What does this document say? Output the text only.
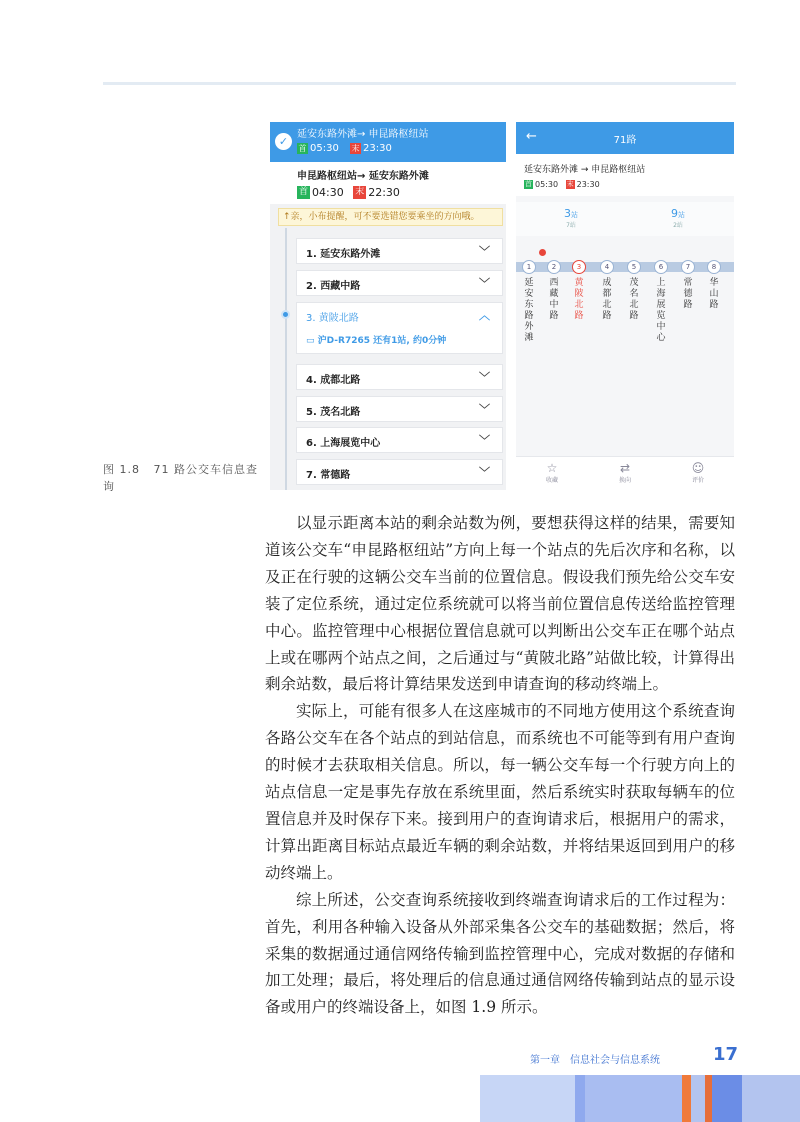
✓
延安东路外滩→ 申昆路枢纽站
首 05:30 末 23:30
申昆路枢纽站→ 延安东路外滩
首 04:30 末 22:30
↑亲，小布提醒，可不要选错您要乘坐的方向哦。
1. 延安东路外滩	﹀
2. 西藏中路	﹀
3. 黄陂北路	︿
▭ 沪D-R7265 还有1站, 约0分钟
4. 成都北路	﹀
5. 茂名北路	﹀
6. 上海展览中心	﹀
7. 常德路	﹀
←	71路
延安东路外滩 → 申昆路枢纽站
首 05:30 末 23:30
3站
7站
9站
2站
1	2	3	4	5	6	7	8
延安东路外滩
西藏中路
黄陂北路
成都北路
茂名北路
上海展览中心
常德路
华山路
☆
收藏
⇄
换向
☺
评价
图 1.8 71 路公交车信息查询

以显示距离本站的剩余站数为例，要想获得这样的结果，需要知道该公交车“申昆路枢纽站”方向上每一个站点的先后次序和名称，以及正在行驶的这辆公交车当前的位置信息。假设我们预先给公交车安装了定位系统，通过定位系统就可以将当前位置信息传送给监控管理中心。监控管理中心根据位置信息就可以判断出公交车正在哪个站点上或在哪两个站点之间，之后通过与“黄陂北路”站做比较，计算得出剩余站数，最后将计算结果发送到申请查询的移动终端上。

实际上，可能有很多人在这座城市的不同地方使用这个系统查询各路公交车在各个站点的到站信息，而系统也不可能等到有用户查询的时候才去获取相关信息。所以，每一辆公交车每一个行驶方向上的站点信息一定是事先存放在系统里面，然后系统实时获取每辆车的位置信息并及时保存下来。接到用户的查询请求后，根据用户的需求，计算出距离目标站点最近车辆的剩余站数，并将结果返回到用户的移动终端上。

综上所述，公交查询系统接收到终端查询请求后的工作过程为：首先，利用各种输入设备从外部采集各公交车的基础数据；然后，将采集的数据通过通信网络传输到监控管理中心，完成对数据的存储和加工处理；最后，将处理后的信息通过通信网络传输到站点的显示设备或用户的终端设备上，如图 1.9 所示。

第一章　信息社会与信息系统	17
